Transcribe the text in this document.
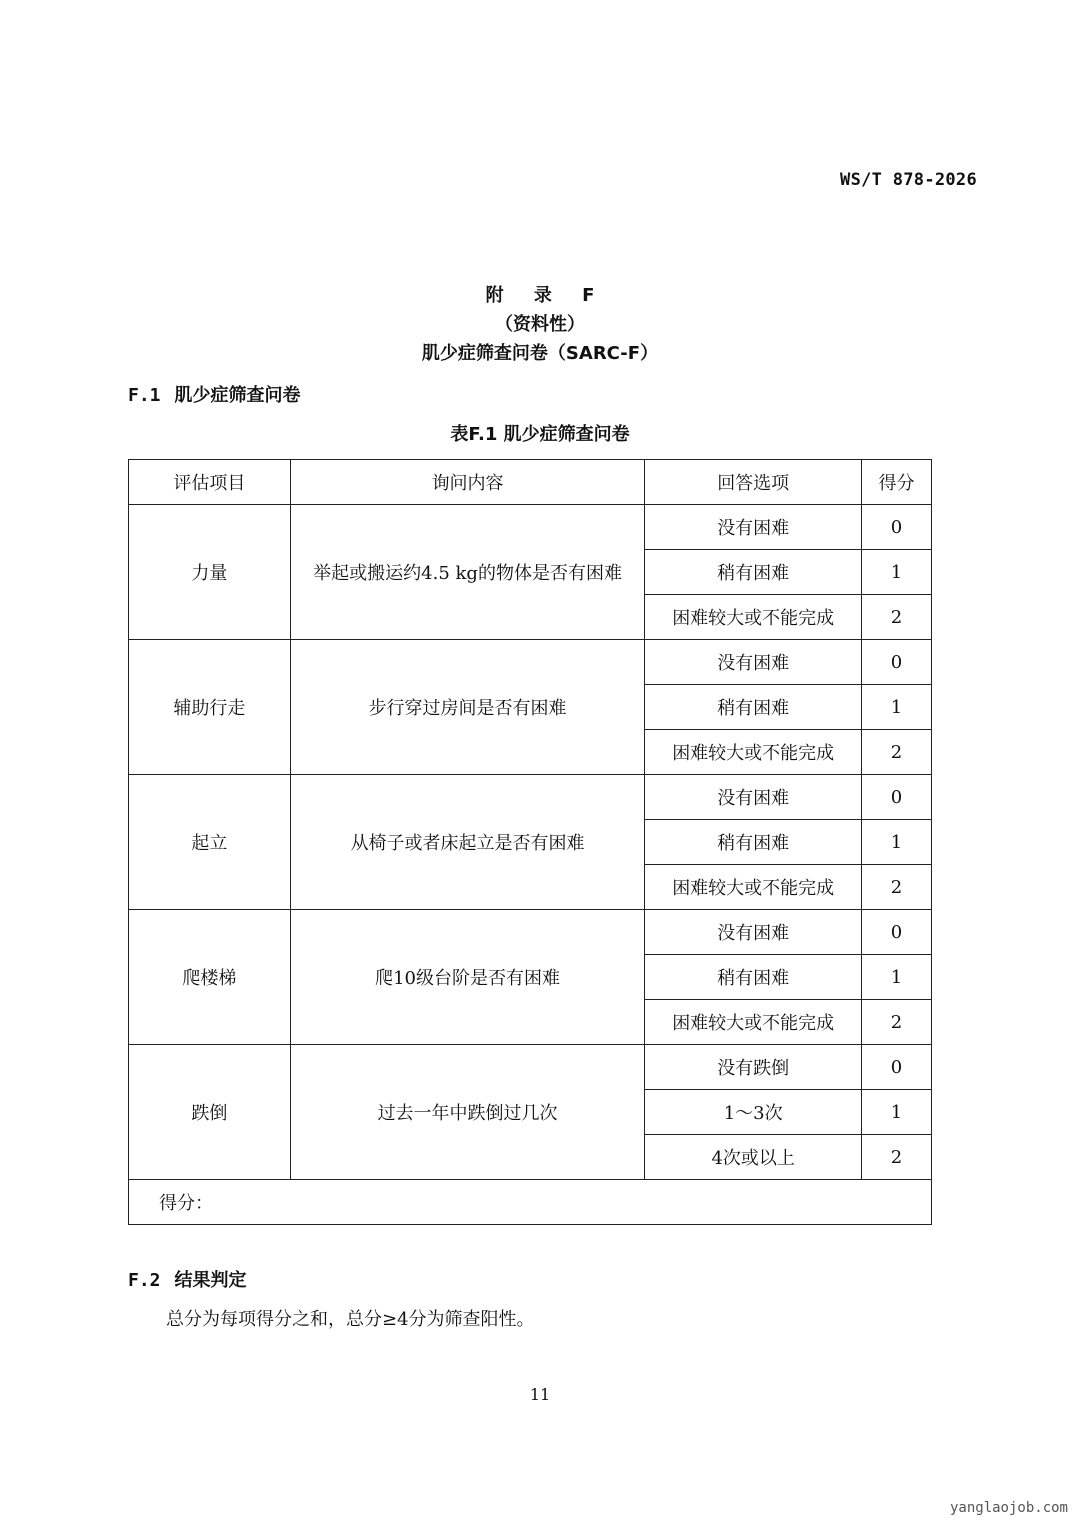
WS/T 878-2026
附 录 F
（资料性）
肌少症筛查问卷（SARC-F）
F.1 肌少症筛查问卷
表F.1 肌少症筛查问卷
评估项目	询问内容	回答选项	得分
力量	举起或搬运约4.5 kg的物体是否有困难	没有困难	0
		稍有困难	1
		困难较大或不能完成	2
辅助行走	步行穿过房间是否有困难	没有困难	0
		稍有困难	1
		困难较大或不能完成	2
起立	从椅子或者床起立是否有困难	没有困难	0
		稍有困难	1
		困难较大或不能完成	2
爬楼梯	爬10级台阶是否有困难	没有困难	0
		稍有困难	1
		困难较大或不能完成	2
跌倒	过去一年中跌倒过几次	没有跌倒	0
		1～3次	1
		4次或以上	2
得分：			
F.2 结果判定
总分为每项得分之和，总分≥4分为筛查阳性。
11
yanglaojob.com
